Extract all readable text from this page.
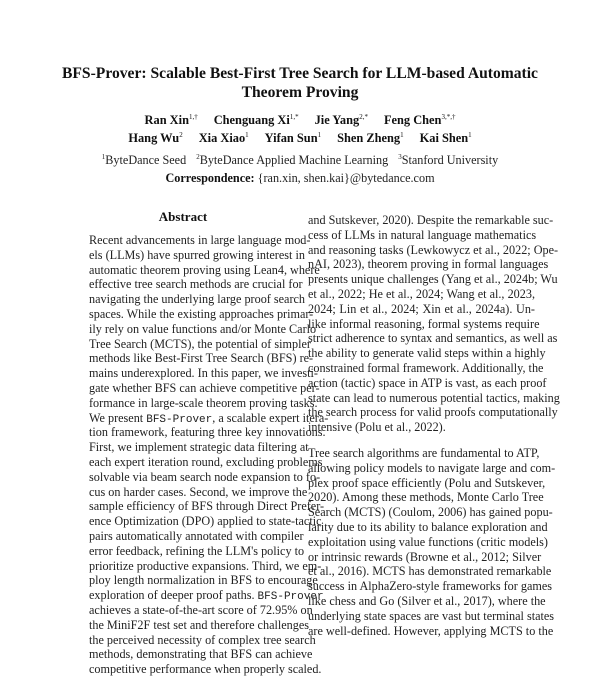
BFS-Prover: Scalable Best-First Tree Search for LLM-based Automatic
Theorem Proving
Ran Xin$^{1,\dagger}$ Chenguang $Xi^{1,*}$ Jie Yang$^{2,*}$ Feng Chen$^{3,*,\dagger}$
Hang Wu$^2$ Xia Xiao$^1$ Yifan Sun$^1$ Shen Zheng$^1$ Kai Shen$^1$
$^1$ByteDance Seed $^2$ByteDance Applied Machine Learning $^3$Stanford University
Correspondence: {ran.xin, shen.kai}@bytedance.com
Abstract
Recent advancements in large language mod-
els (LLMs) have spurred growing interest in
automatic theorem proving using Lean4, where
effective tree search methods are crucial for
navigating the underlying large proof search
spaces. While the existing approaches primar-
ily rely on value functions and/or Monte Carlo
Tree Search (MCTS), the potential of simpler
methods like Best-First Tree Search (BFS) re-
mains underexplored. In this paper, we investi-
gate whether BFS can achieve competitive per-
formance in large-scale theorem proving tasks.
We present BFS-Prover, a scalable expert itera-
tion framework, featuring three key innovations.
First, we implement strategic data filtering at
each expert iteration round, excluding problems
solvable via beam search node expansion to fo-
cus on harder cases. Second, we improve the
sample efficiency of BFS through Direct Prefer-
ence Optimization (DPO) applied to state-tactic
pairs automatically annotated with compiler
error feedback, refining the LLM's policy to
prioritize productive expansions. Third, we em-
ploy length normalization in BFS to encourage
exploration of deeper proof paths. BFS-Prover
achieves a state-of-the-art score of 72.95% on
the MiniF2F test set and therefore challenges
the perceived necessity of complex tree search
methods, demonstrating that BFS can achieve
competitive performance when properly scaled.
and Sutskever, 2020). Despite the remarkable suc-
cess of LLMs in natural language mathematics
and reasoning tasks (Lewkowycz et al., 2022; Ope-
nAI, 2023), theorem proving in formal languages
presents unique challenges (Yang et al., 2024b; Wu
et al., 2022; He et al., 2024; Wang et al., 2023,
2024; Lin et al., 2024; Xin et al., 2024a). Un-
like informal reasoning, formal systems require
strict adherence to syntax and semantics, as well as
the ability to generate valid steps within a highly
constrained formal framework. Additionally, the
action (tactic) space in ATP is vast, as each proof
state can lead to numerous potential tactics, making
the search process for valid proofs computationally
intensive (Polu et al., 2022).
Tree search algorithms are fundamental to ATP,
allowing policy models to navigate large and com-
plex proof space efficiently (Polu and Sutskever,
2020). Among these methods, Monte Carlo Tree
Search (MCTS) (Coulom, 2006) has gained popu-
larity due to its ability to balance exploration and
exploitation using value functions (critic models)
or intrinsic rewards (Browne et al., 2012; Silver
et al., 2016). MCTS has demonstrated remarkable
success in AlphaZero-style frameworks for games
like chess and Go (Silver et al., 2017), where the
underlying state spaces are vast but terminal states
are well-defined. However, applying MCTS to the
